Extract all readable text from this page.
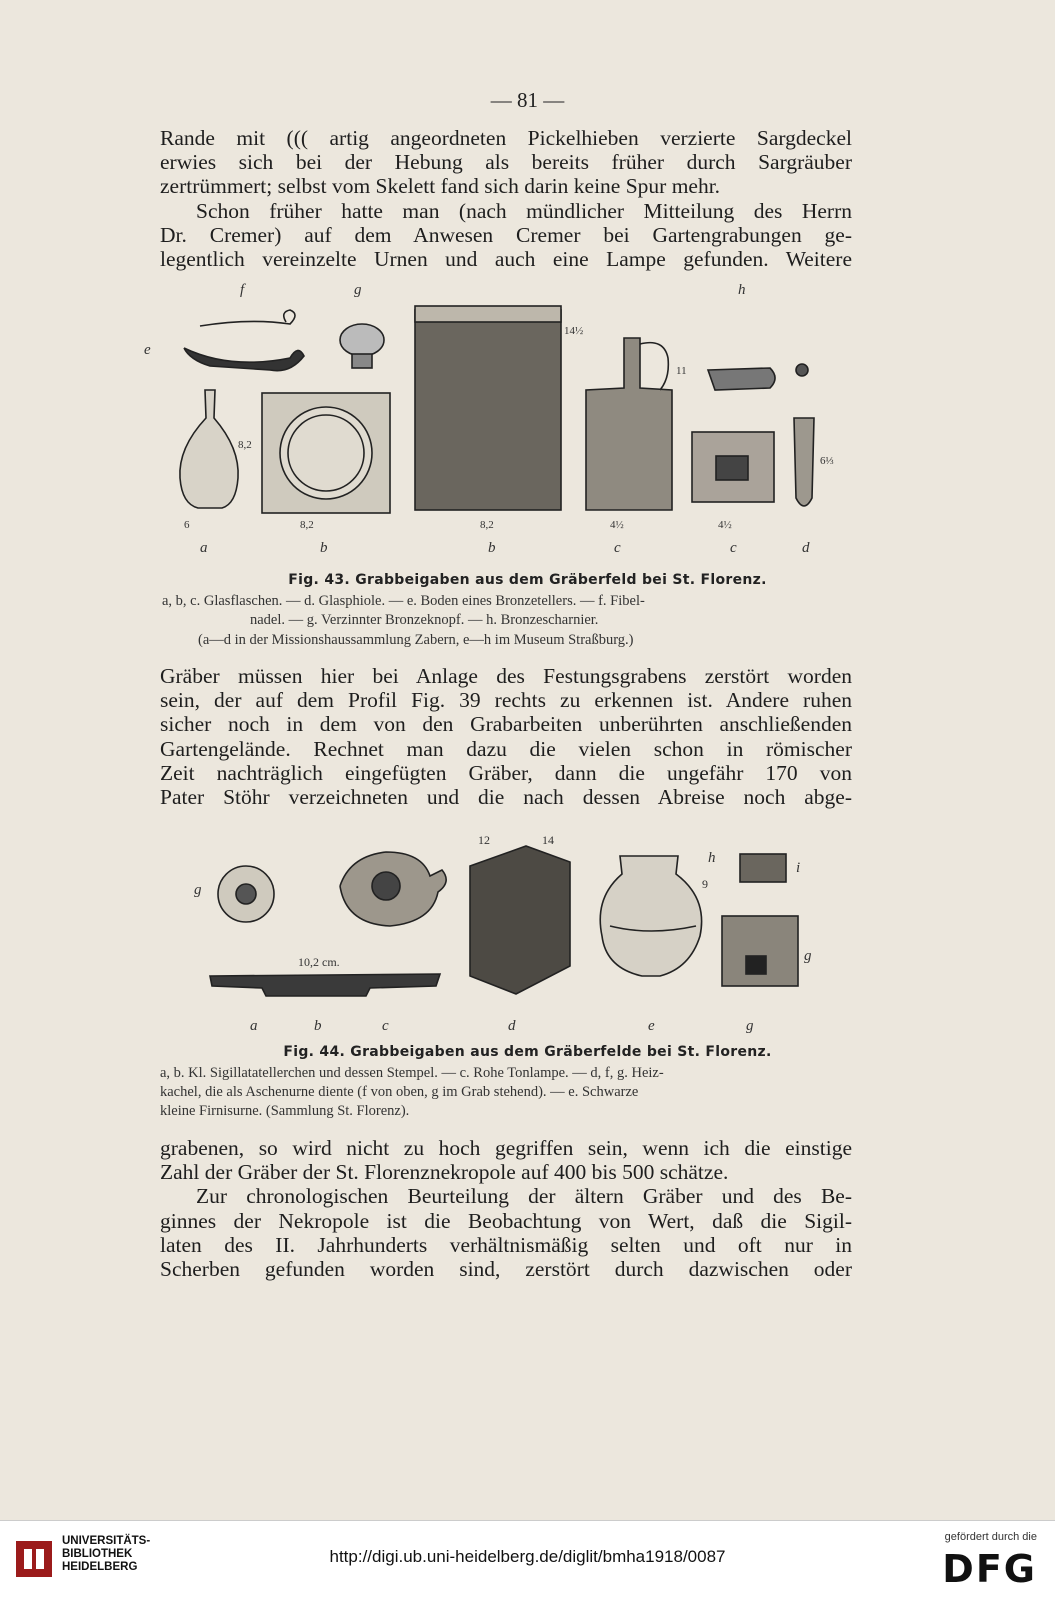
— 81 —

Rande mit ((( artig angeordneten Pickelhieben verzierte Sargdeckel
erwies sich bei der Hebung als bereits früher durch Sargräuber
zertrümmert; selbst vom Skelett fand sich darin keine Spur mehr.
Schon früher hatte man (nach mündlicher Mitteilung des Herrn
Dr. Cremer) auf dem Anwesen Cremer bei Gartengrabungen ge-
legentlich vereinzelte Urnen und auch eine Lampe gefunden. Weitere

f	g	h
e
8,2
6	8,2	8,2
14½
4½	4½
11
6⅓
a	b	b	c	c	d
Fig. 43. Grabbeigaben aus dem Gräberfeld bei St. Florenz.
a, b, c. Glasflaschen. — d. Glasphiole. — e. Boden eines Bronzetellers. — f. Fibel-
nadel. — g. Verzinnter Bronzeknopf. — h. Bronzescharnier.
(a—d in der Missionshaussammlung Zabern, e—h im Museum Straßburg.)

Gräber müssen hier bei Anlage des Festungsgrabens zerstört worden
sein, der auf dem Profil Fig. 39 rechts zu erkennen ist. Andere ruhen
sicher noch in dem von den Grabarbeiten unberührten anschließenden
Gartengelände. Rechnet man dazu die vielen schon in römischer
Zeit nachträglich eingefügten Gräber, dann die ungefähr 170 von
Pater Stöhr verzeichneten und die nach dessen Abreise noch abge-

g
h
i
g
10,2 cm.
12	14
9
a	b	c	d	e	g
Fig. 44. Grabbeigaben aus dem Gräberfelde bei St. Florenz.
a, b. Kl. Sigillatatellerchen und dessen Stempel. — c. Rohe Tonlampe. — d, f, g. Heiz-
kachel, die als Aschenurne diente (f von oben, g im Grab stehend). — e. Schwarze
kleine Firnisurne. (Sammlung St. Florenz).

grabenen, so wird nicht zu hoch gegriffen sein, wenn ich die einstige
Zahl der Gräber der St. Florenznekropole auf 400 bis 500 schätze.
Zur chronologischen Beurteilung der ältern Gräber und des Be-
ginnes der Nekropole ist die Beobachtung von Wert, daß die Sigil-
laten des II. Jahrhunderts verhältnismäßig selten und oft nur in
Scherben gefunden worden sind, zerstört durch dazwischen oder

UNIVERSITÄTS-
BIBLIOTHEK
HEIDELBERG
http://digi.ub.uni-heidelberg.de/diglit/bmha1918/0087
gefördert durch die
DFG
